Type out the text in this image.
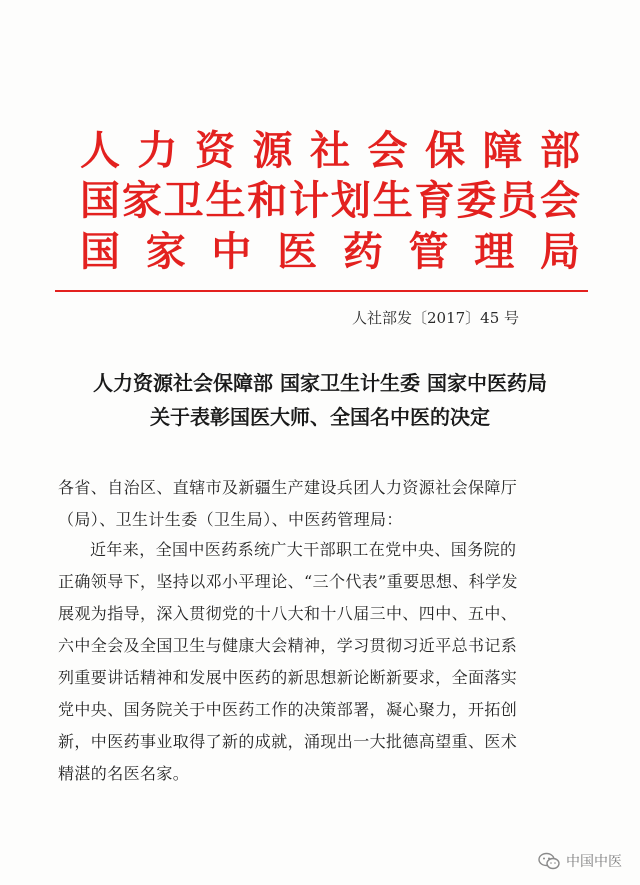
人力资源社会保障部
国家卫生和计划生育委员会
国家中医药管理局
人社部发〔2017〕45 号
人力资源社会保障部 国家卫生计生委 国家中医药局
关于表彰国医大师、全国名中医的决定
各省、自治区、直辖市及新疆生产建设兵团人力资源社会保障厅
（局）、卫生计生委（卫生局）、中医药管理局：
近年来，全国中医药系统广大干部职工在党中央、国务院的
正确领导下，坚持以邓小平理论、“三个代表”重要思想、科学发
展观为指导，深入贯彻党的十八大和十八届三中、四中、五中、
六中全会及全国卫生与健康大会精神，学习贯彻习近平总书记系
列重要讲话精神和发展中医药的新思想新论断新要求，全面落实
党中央、国务院关于中医药工作的决策部署，凝心聚力，开拓创
新，中医药事业取得了新的成就，涌现出一大批德高望重、医术
精湛的名医名家。
中国中医
